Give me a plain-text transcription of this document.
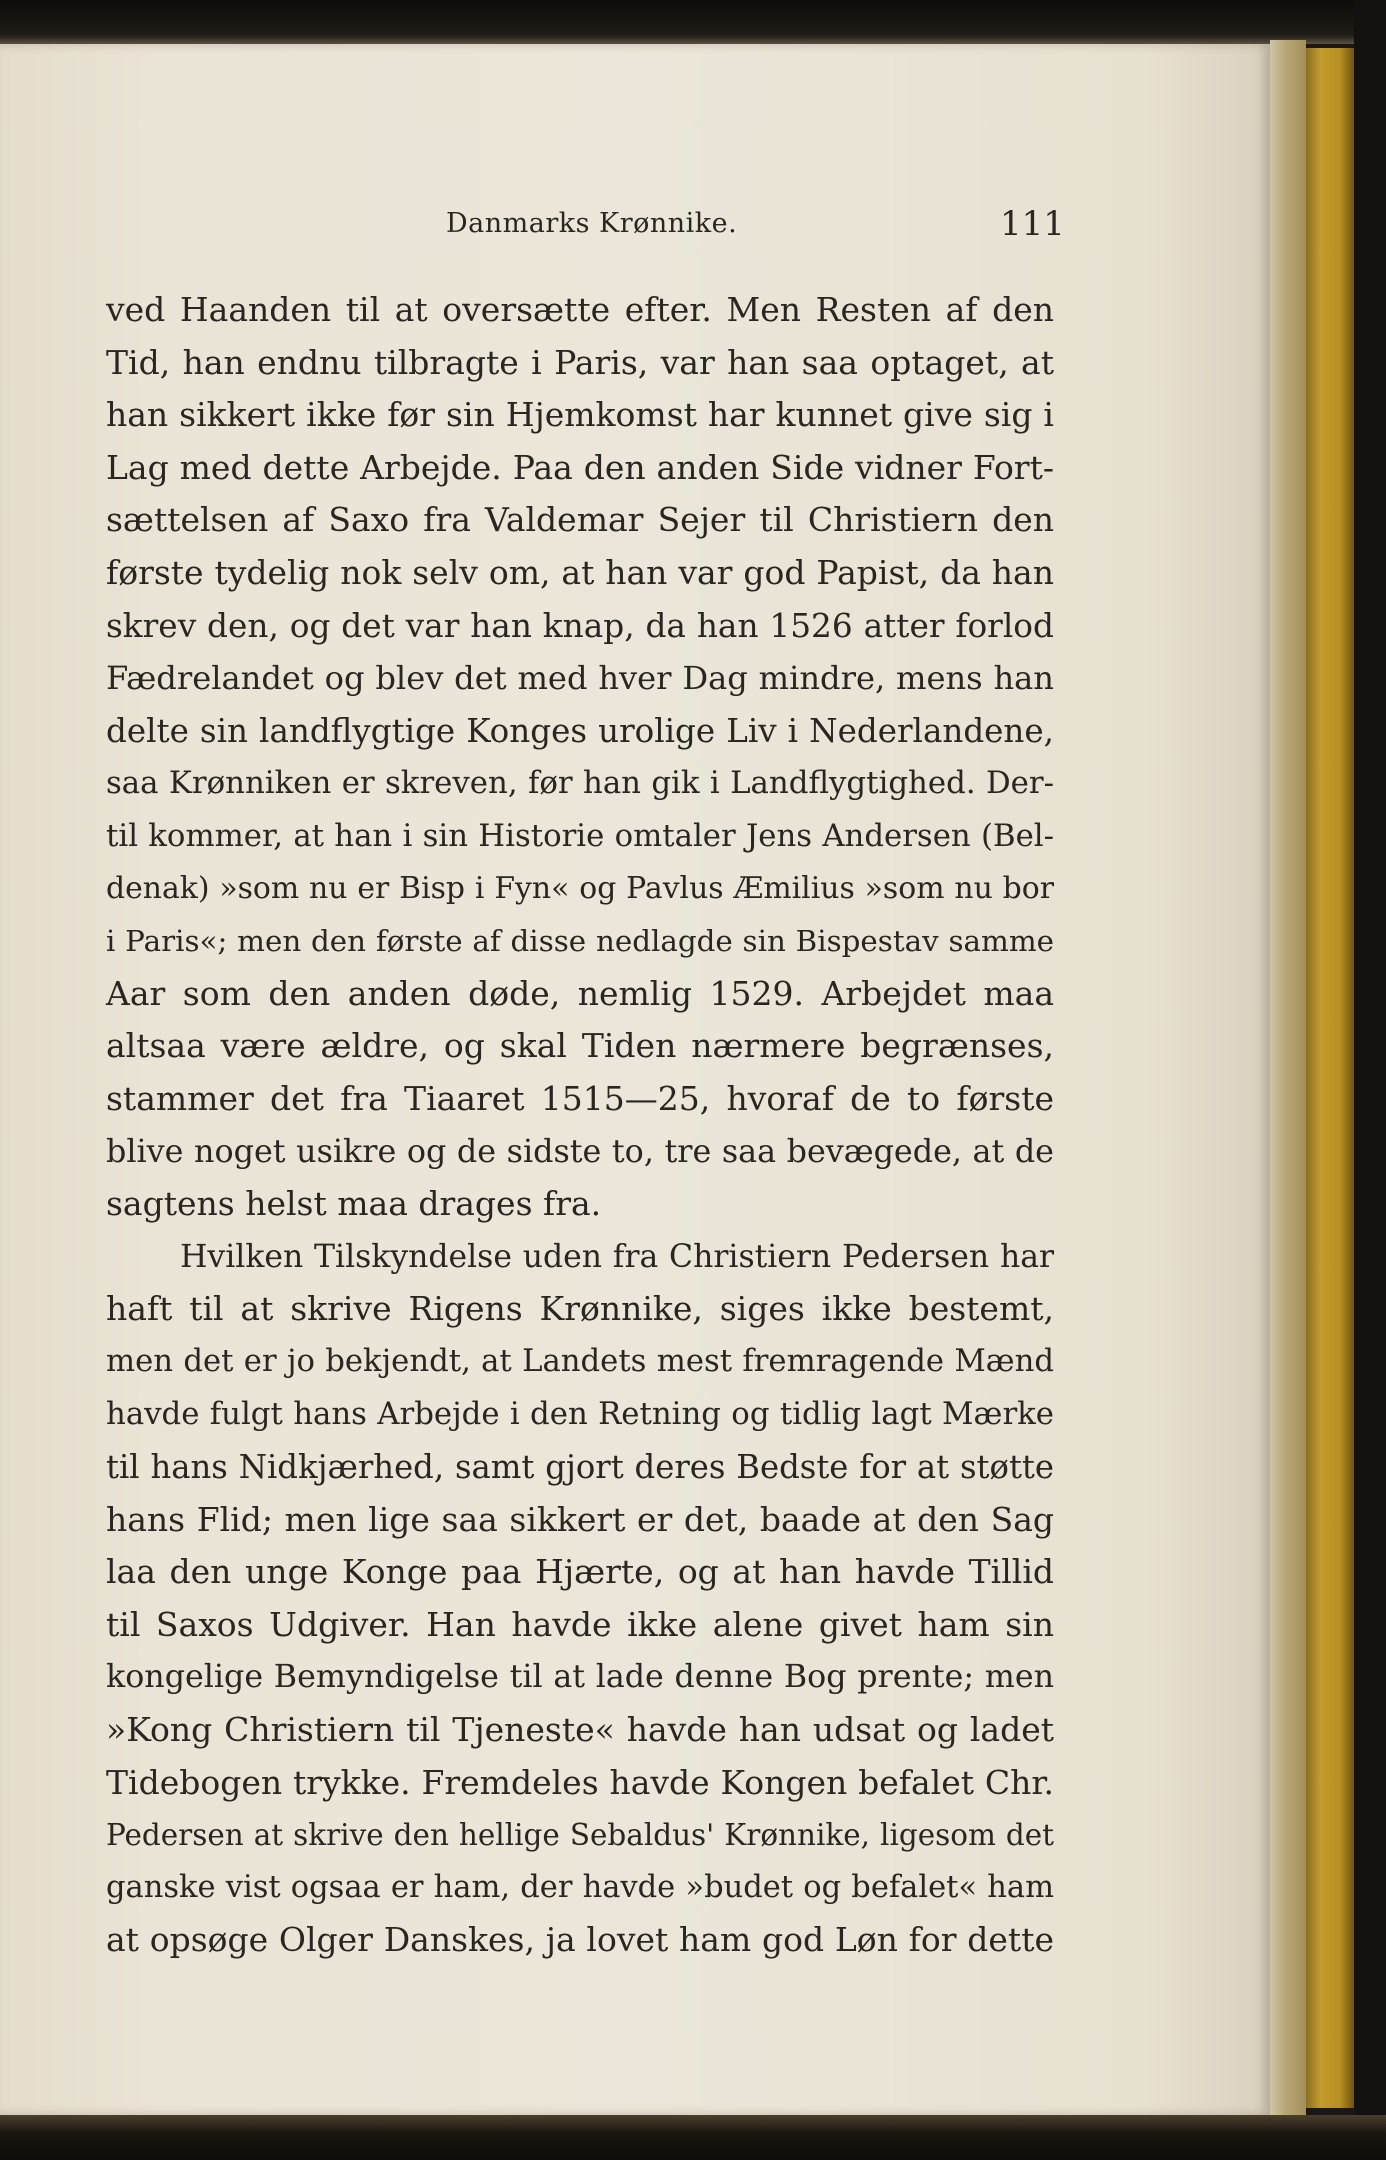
Danmarks Krønnike.	111
ved Haanden til at oversætte efter. Men Resten af den
Tid, han endnu tilbragte i Paris, var han saa optaget, at
han sikkert ikke før sin Hjemkomst har kunnet give sig i
Lag med dette Arbejde. Paa den anden Side vidner Fort-
sættelsen af Saxo fra Valdemar Sejer til Christiern den
første tydelig nok selv om, at han var god Papist, da han
skrev den, og det var han knap, da han 1526 atter forlod
Fædrelandet og blev det med hver Dag mindre, mens han
delte sin landflygtige Konges urolige Liv i Nederlandene,
saa Krønniken er skreven, før han gik i Landflygtighed. Der-
til kommer, at han i sin Historie omtaler Jens Andersen (Bel-
denak) »som nu er Bisp i Fyn« og Pavlus Æmilius »som nu bor
i Paris«; men den første af disse nedlagde sin Bispestav samme
Aar som den anden døde, nemlig 1529. Arbejdet maa
altsaa være ældre, og skal Tiden nærmere begrænses,
stammer det fra Tiaaret 1515—25, hvoraf de to første
blive noget usikre og de sidste to, tre saa bevægede, at de
sagtens helst maa drages fra.
Hvilken Tilskyndelse uden fra Christiern Pedersen har
haft til at skrive Rigens Krønnike, siges ikke bestemt,
men det er jo bekjendt, at Landets mest fremragende Mænd
havde fulgt hans Arbejde i den Retning og tidlig lagt Mærke
til hans Nidkjærhed, samt gjort deres Bedste for at støtte
hans Flid; men lige saa sikkert er det, baade at den Sag
laa den unge Konge paa Hjærte, og at han havde Tillid
til Saxos Udgiver. Han havde ikke alene givet ham sin
kongelige Bemyndigelse til at lade denne Bog prente; men
»Kong Christiern til Tjeneste« havde han udsat og ladet
Tidebogen trykke. Fremdeles havde Kongen befalet Chr.
Pedersen at skrive den hellige Sebaldus' Krønnike, ligesom det
ganske vist ogsaa er ham, der havde »budet og befalet« ham
at opsøge Olger Danskes, ja lovet ham god Løn for dette
